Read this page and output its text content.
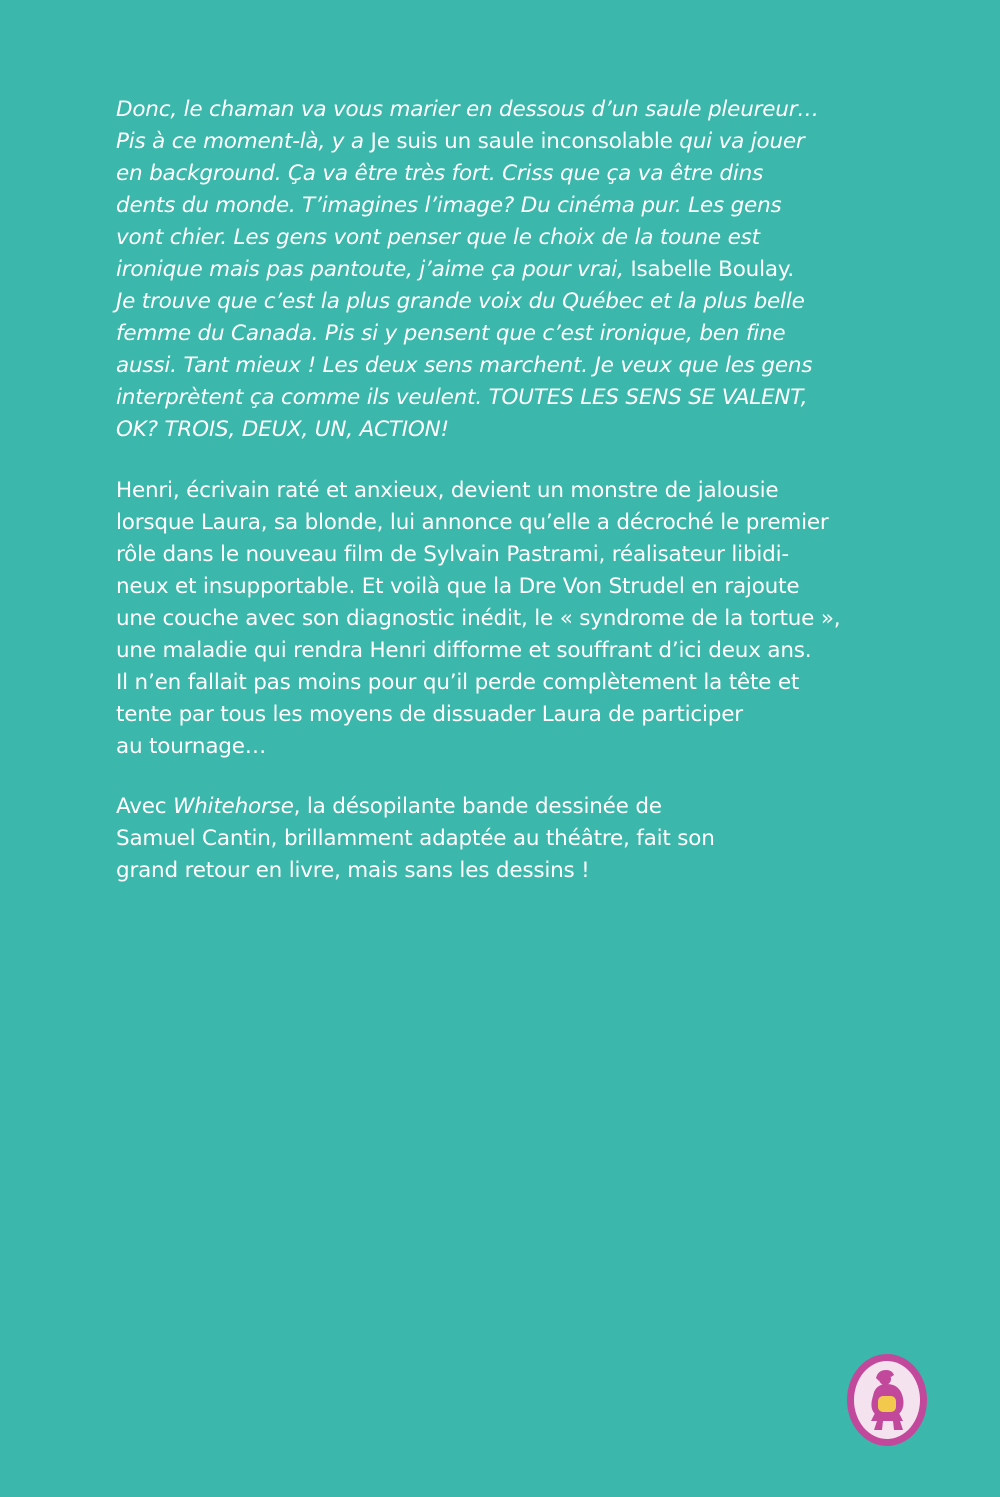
Donc, le chaman va vous marier en dessous d’un saule pleureur…
Pis à ce moment-là, y a Je suis un saule inconsolable qui va jouer
en background. Ça va être très fort. Criss que ça va être dins
dents du monde. T’imagines l’image? Du cinéma pur. Les gens
vont chier. Les gens vont penser que le choix de la toune est
ironique mais pas pantoute, j’aime ça pour vrai, Isabelle Boulay.
Je trouve que c’est la plus grande voix du Québec et la plus belle
femme du Canada. Pis si y pensent que c’est ironique, ben fine
aussi. Tant mieux ! Les deux sens marchent. Je veux que les gens
interprètent ça comme ils veulent. TOUTES LES SENS SE VALENT,
OK? TROIS, DEUX, UN, ACTION!
Henri, écrivain raté et anxieux, devient un monstre de jalousie
lorsque Laura, sa blonde, lui annonce qu’elle a décroché le premier
rôle dans le nouveau film de Sylvain Pastrami, réalisateur libidi-
neux et insupportable. Et voilà que la Dre Von Strudel en rajoute
une couche avec son diagnostic inédit, le « syndrome de la tortue »,
une maladie qui rendra Henri difforme et souffrant d’ici deux ans.
Il n’en fallait pas moins pour qu’il perde complètement la tête et
tente par tous les moyens de dissuader Laura de participer
au tournage…
Avec Whitehorse, la désopilante bande dessinée de
Samuel Cantin, brillamment adaptée au théâtre, fait son
grand retour en livre, mais sans les dessins !
